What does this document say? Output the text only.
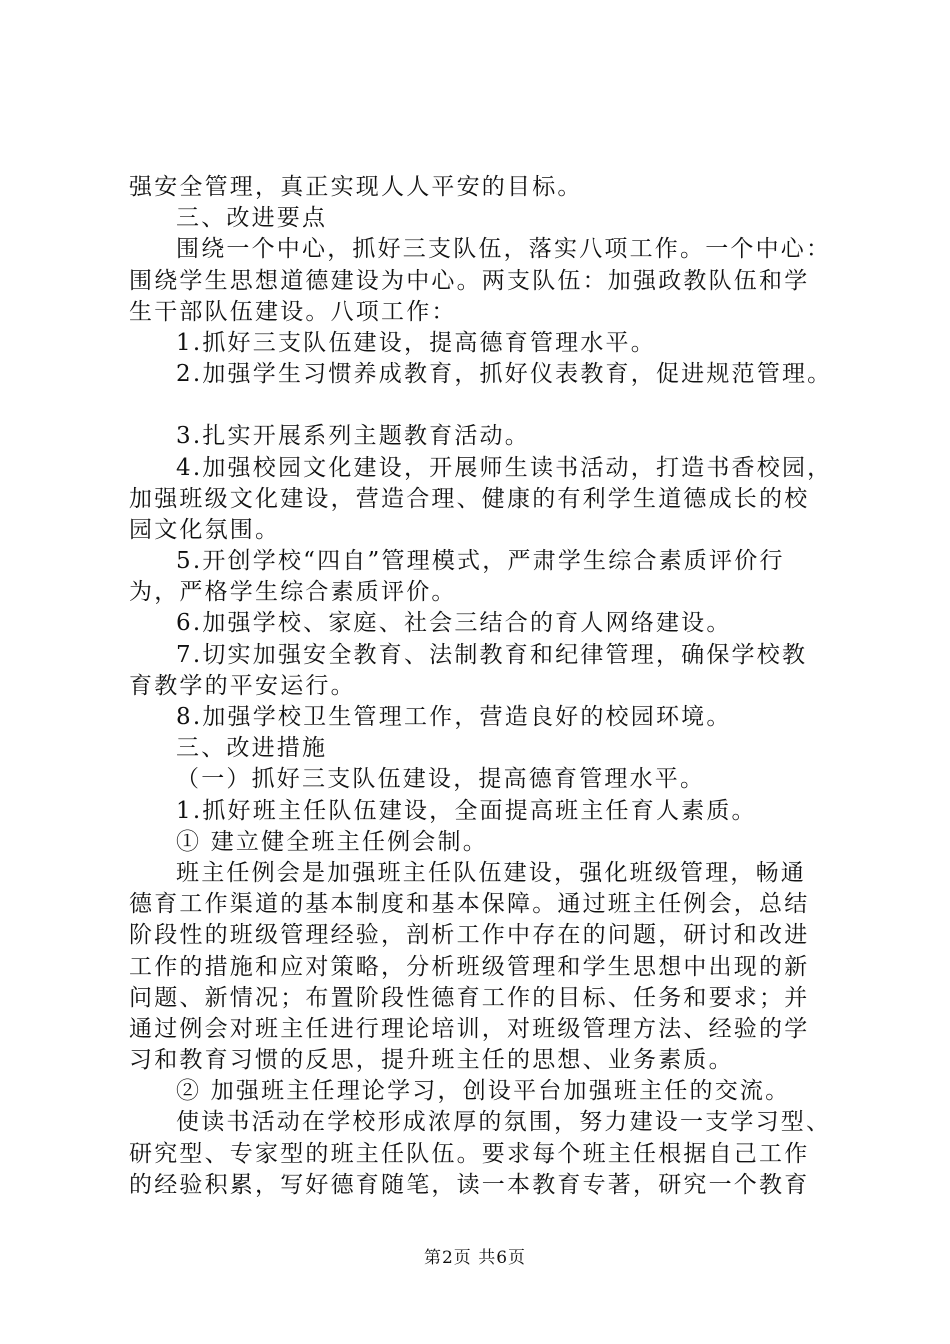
强安全管理，真正实现人人平安的目标。
三、改进要点
围绕一个中心，抓好三支队伍，落实八项工作。一个中心：
围绕学生思想道德建设为中心。两支队伍：加强政教队伍和学
生干部队伍建设。八项工作：
1.抓好三支队伍建设，提高德育管理水平。
2.加强学生习惯养成教育，抓好仪表教育，促进规范管理。
3.扎实开展系列主题教育活动。
4.加强校园文化建设，开展师生读书活动，打造书香校园，
加强班级文化建设，营造合理、健康的有利学生道德成长的校
园文化氛围。
5.开创学校“四自”管理模式，严肃学生综合素质评价行
为，严格学生综合素质评价。
6.加强学校、家庭、社会三结合的育人网络建设。
7.切实加强安全教育、法制教育和纪律管理，确保学校教
育教学的平安运行。
8.加强学校卫生管理工作，营造良好的校园环境。
三、改进措施
（一）抓好三支队伍建设，提高德育管理水平。
1.抓好班主任队伍建设，全面提高班主任育人素质。
① 建立健全班主任例会制。
班主任例会是加强班主任队伍建设，强化班级管理，畅通
德育工作渠道的基本制度和基本保障。通过班主任例会，总结
阶段性的班级管理经验，剖析工作中存在的问题，研讨和改进
工作的措施和应对策略，分析班级管理和学生思想中出现的新
问题、新情况；布置阶段性德育工作的目标、任务和要求；并
通过例会对班主任进行理论培训，对班级管理方法、经验的学
习和教育习惯的反思，提升班主任的思想、业务素质。
② 加强班主任理论学习，创设平台加强班主任的交流。
使读书活动在学校形成浓厚的氛围，努力建设一支学习型、
研究型、专家型的班主任队伍。要求每个班主任根据自己工作
的经验积累，写好德育随笔，读一本教育专著，研究一个教育
第2页 共6页
